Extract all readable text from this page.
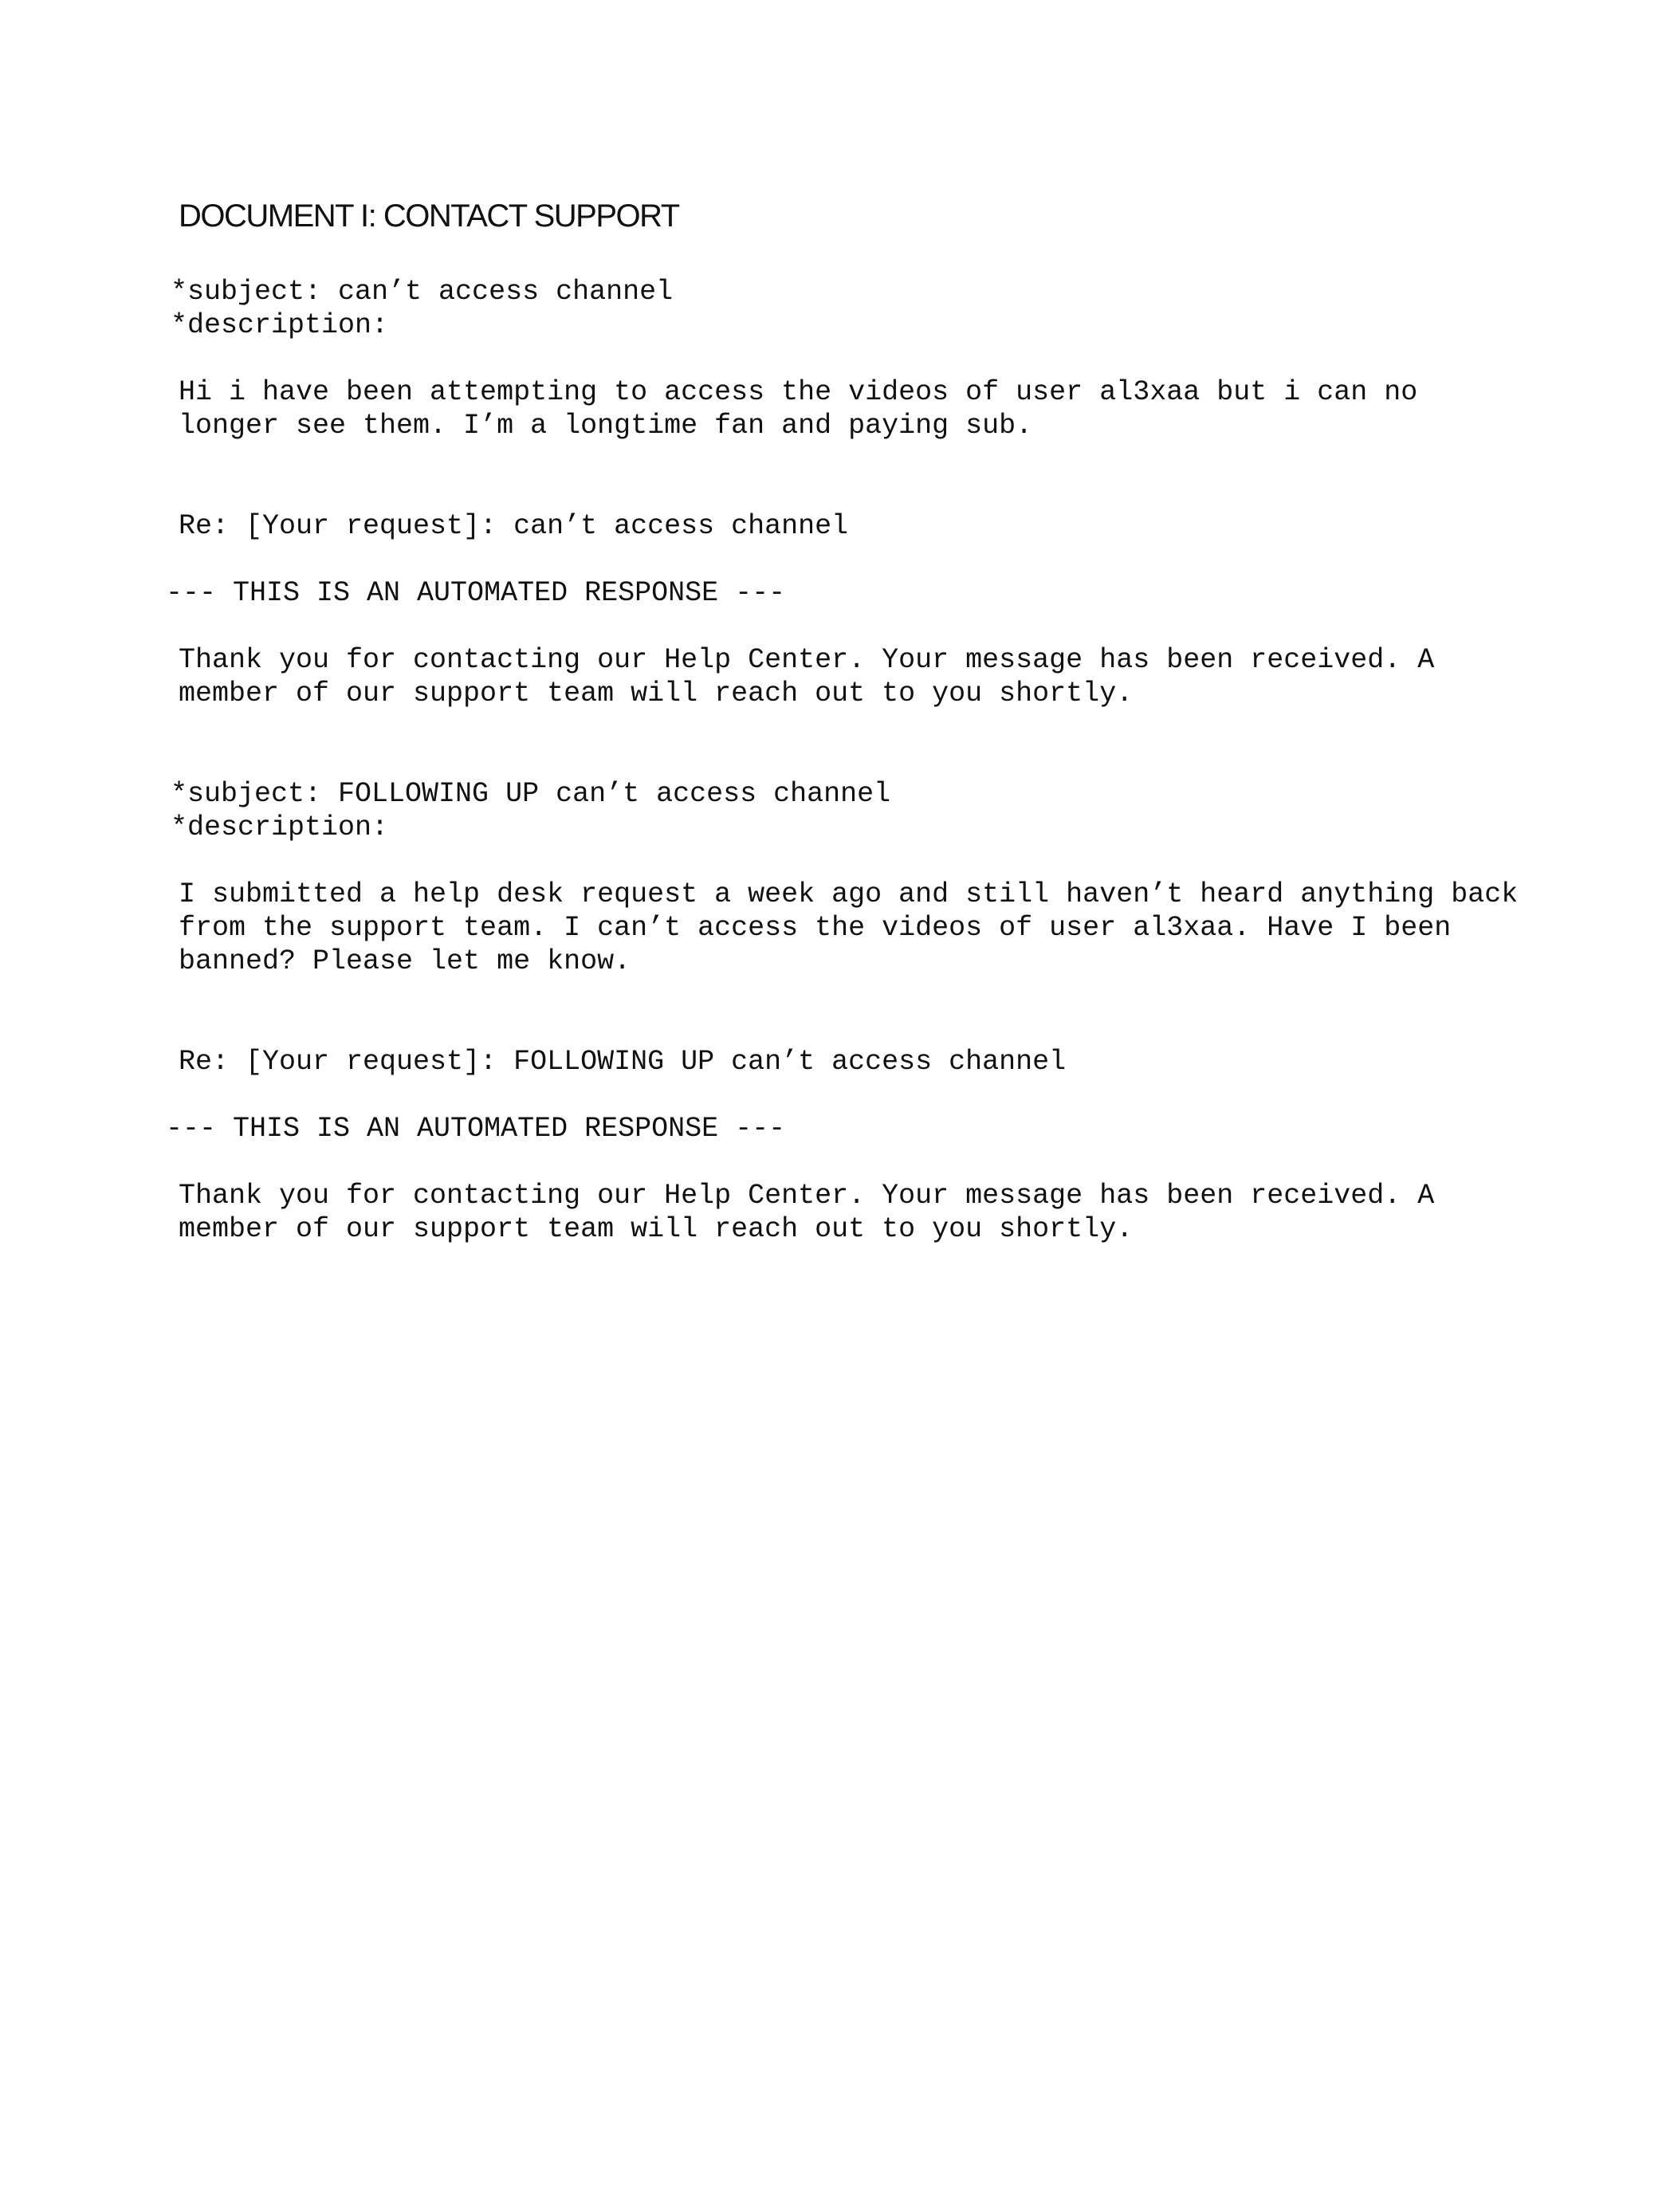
DOCUMENT I: CONTACT SUPPORT

*subject: can’t access channel

*description:

Hi i have been attempting to access the videos of user al3xaa but i can no

longer see them. I’m a longtime fan and paying sub.

Re: [Your request]: can’t access channel

--- THIS IS AN AUTOMATED RESPONSE ---

Thank you for contacting our Help Center. Your message has been received. A

member of our support team will reach out to you shortly.

*subject: FOLLOWING UP can’t access channel

*description:

I submitted a help desk request a week ago and still haven’t heard anything back

from the support team. I can’t access the videos of user al3xaa. Have I been

banned? Please let me know.

Re: [Your request]: FOLLOWING UP can’t access channel

--- THIS IS AN AUTOMATED RESPONSE ---

Thank you for contacting our Help Center. Your message has been received. A

member of our support team will reach out to you shortly.
